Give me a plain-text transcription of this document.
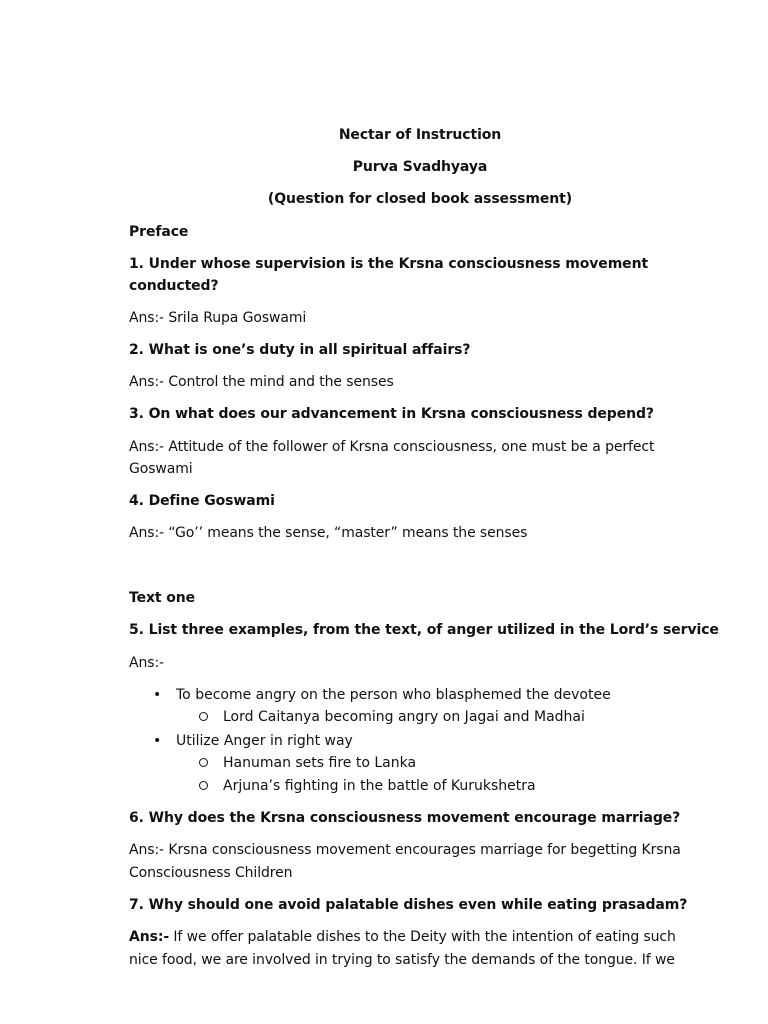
Nectar of Instruction
Purva Svadhyaya
(Question for closed book assessment)
Preface
1. Under whose supervision is the Krsna consciousness movement
conducted?
Ans:- Srila Rupa Goswami
2. What is one’s duty in all spiritual affairs?
Ans:- Control the mind and the senses
3. On what does our advancement in Krsna consciousness depend?
Ans:- Attitude of the follower of Krsna consciousness, one must be a perfect
Goswami
4. Define Goswami
Ans:- “Go’’ means the sense, “master” means the senses
Text one
5. List three examples, from the text, of anger utilized in the Lord’s service
Ans:-
• To become angry on the person who blasphemed the devotee
Lord Caitanya becoming angry on Jagai and Madhai
• Utilize Anger in right way
Hanuman sets fire to Lanka
Arjuna’s fighting in the battle of Kurukshetra
6. Why does the Krsna consciousness movement encourage marriage?
Ans:- Krsna consciousness movement encourages marriage for begetting Krsna
Consciousness Children
7. Why should one avoid palatable dishes even while eating prasadam?
Ans:- If we offer palatable dishes to the Deity with the intention of eating such
nice food, we are involved in trying to satisfy the demands of the tongue. If we
